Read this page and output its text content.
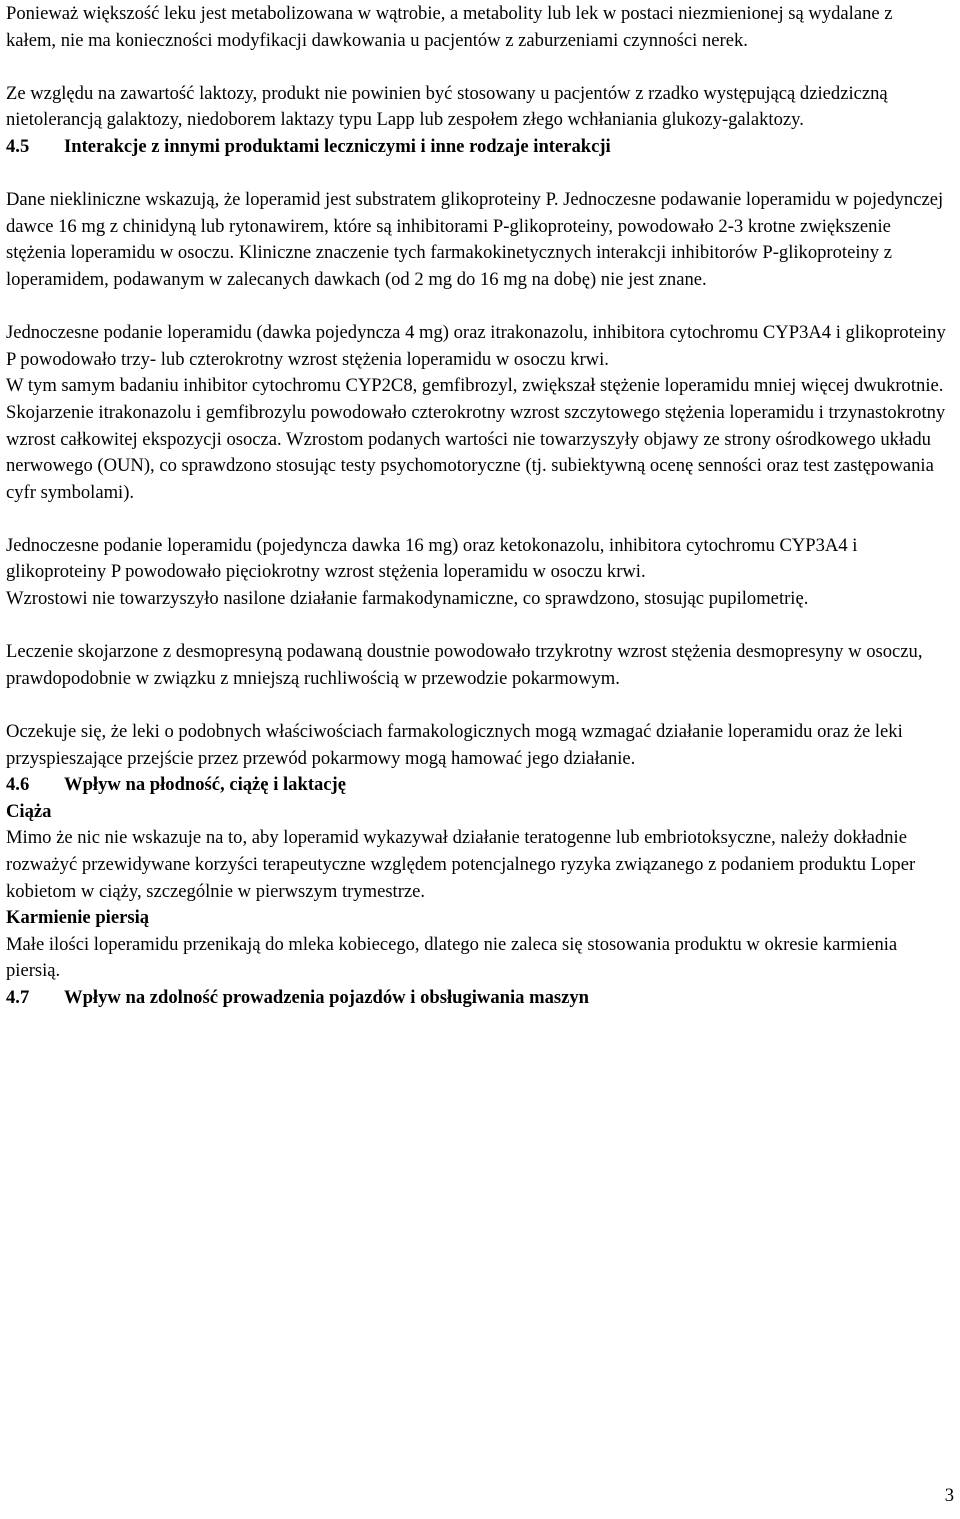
Ponieważ większość leku jest metabolizowana w wątrobie, a metabolity lub lek w postaci niezmienionej są wydalane z kałem, nie ma konieczności modyfikacji dawkowania u pacjentów z zaburzeniami czynności nerek.

Ze względu na zawartość laktozy, produkt nie powinien być stosowany u pacjentów z rzadko występującą dziedziczną nietolerancją galaktozy, niedoborem laktazy typu Lapp lub zespołem złego wchłaniania glukozy-galaktozy.

4.5 Interakcje z innymi produktami leczniczymi i inne rodzaje interakcji

Dane niekliniczne wskazują, że loperamid jest substratem glikoproteiny P. Jednoczesne podawanie loperamidu w pojedynczej dawce 16 mg z chinidyną lub rytonawirem, które są inhibitorami P-glikoproteiny, powodowało 2-3 krotne zwiększenie stężenia loperamidu w osoczu. Kliniczne znaczenie tych farmakokinetycznych interakcji inhibitorów P-glikoproteiny z loperamidem, podawanym w zalecanych dawkach (od 2 mg do 16 mg na dobę) nie jest znane.

Jednoczesne podanie loperamidu (dawka pojedyncza 4 mg) oraz itrakonazolu, inhibitora cytochromu CYP3A4 i glikoproteiny P powodowało trzy- lub czterokrotny wzrost stężenia loperamidu w osoczu krwi.

W tym samym badaniu inhibitor cytochromu CYP2C8, gemfibrozyl, zwiększał stężenie loperamidu mniej więcej dwukrotnie. Skojarzenie itrakonazolu i gemfibrozylu powodowało czterokrotny wzrost szczytowego stężenia loperamidu i trzynastokrotny wzrost całkowitej ekspozycji osocza. Wzrostom podanych wartości nie towarzyszyły objawy ze strony ośrodkowego układu nerwowego (OUN), co sprawdzono stosując testy psychomotoryczne (tj. subiektywną ocenę senności oraz test zastępowania cyfr symbolami).

Jednoczesne podanie loperamidu (pojedyncza dawka 16 mg) oraz ketokonazolu, inhibitora cytochromu CYP3A4 i glikoproteiny P powodowało pięciokrotny wzrost stężenia loperamidu w osoczu krwi.

Wzrostowi nie towarzyszyło nasilone działanie farmakodynamiczne, co sprawdzono, stosując pupilometrię.

Leczenie skojarzone z desmopresyną podawaną doustnie powodowało trzykrotny wzrost stężenia desmopresyny w osoczu, prawdopodobnie w związku z mniejszą ruchliwością w przewodzie pokarmowym.

Oczekuje się, że leki o podobnych właściwościach farmakologicznych mogą wzmagać działanie loperamidu oraz że leki przyspieszające przejście przez przewód pokarmowy mogą hamować jego działanie.

4.6 Wpływ na płodność, ciążę i laktację
Ciąża

Mimo że nic nie wskazuje na to, aby loperamid wykazywał działanie teratogenne lub embriotoksyczne, należy dokładnie rozważyć przewidywane korzyści terapeutyczne względem potencjalnego ryzyka związanego z podaniem produktu Loper kobietom w ciąży, szczególnie w pierwszym trymestrze.

Karmienie piersią

Małe ilości loperamidu przenikają do mleka kobiecego, dlatego nie zaleca się stosowania produktu w okresie karmienia piersią.

4.7 Wpływ na zdolność prowadzenia pojazdów i obsługiwania maszyn
3
